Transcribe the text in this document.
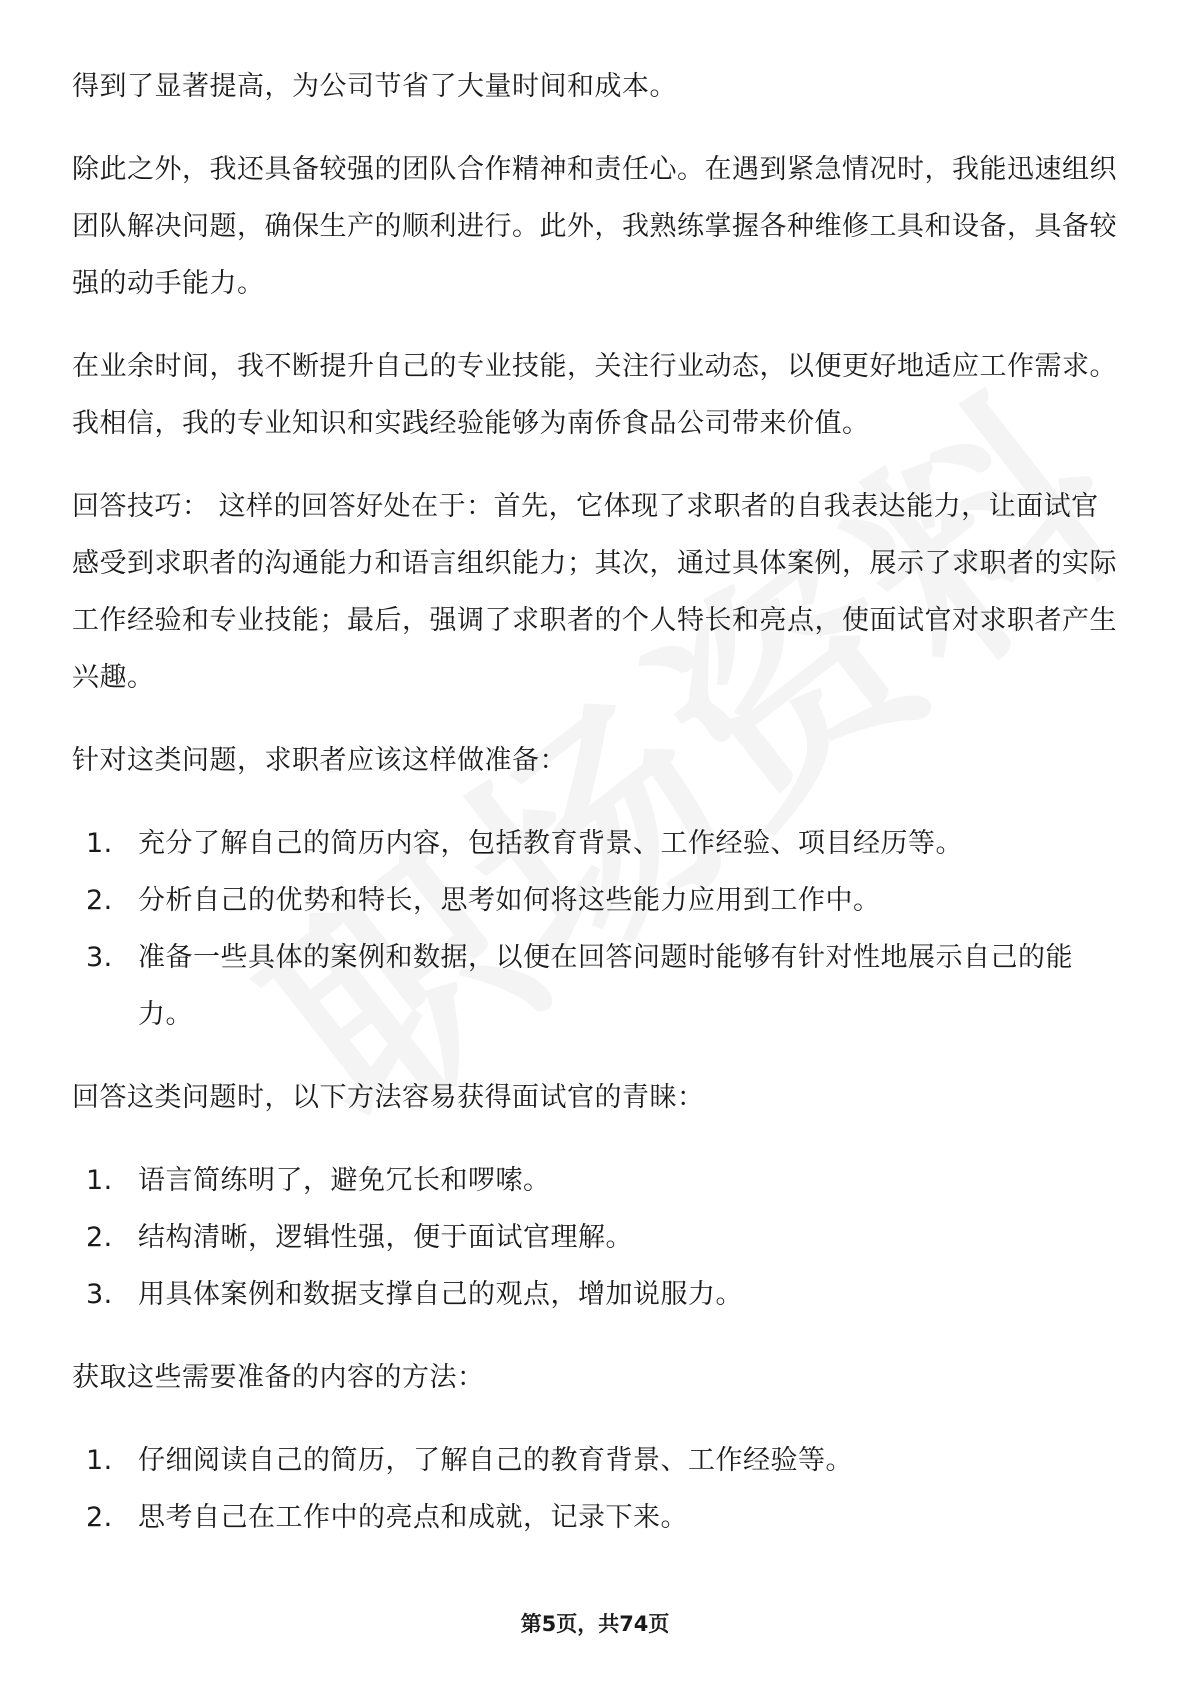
得到了显著提高，为公司节省了大量时间和成本。

除此之外，我还具备较强的团队合作精神和责任心。在遇到紧急情况时，我能迅速组织团队解决问题，确保生产的顺利进行。此外，我熟练掌握各种维修工具和设备，具备较强的动手能力。

在业余时间，我不断提升自己的专业技能，关注行业动态，以便更好地适应工作需求。我相信，我的专业知识和实践经验能够为南侨食品公司带来价值。

回答技巧： 这样的回答好处在于：首先，它体现了求职者的自我表达能力，让面试官感受到求职者的沟通能力和语言组织能力；其次，通过具体案例，展示了求职者的实际工作经验和专业技能；最后，强调了求职者的个人特长和亮点，使面试官对求职者产生兴趣。

针对这类问题，求职者应该这样做准备：

1. 充分了解自己的简历内容，包括教育背景、工作经验、项目经历等。
2. 分析自己的优势和特长，思考如何将这些能力应用到工作中。
3. 准备一些具体的案例和数据，以便在回答问题时能够有针对性地展示自己的能力。

回答这类问题时，以下方法容易获得面试官的青睐：

1. 语言简练明了，避免冗长和啰嗦。
2. 结构清晰，逻辑性强，便于面试官理解。
3. 用具体案例和数据支撑自己的观点，增加说服力。

获取这些需要准备的内容的方法：

1. 仔细阅读自己的简历，了解自己的教育背景、工作经验等。
2. 思考自己在工作中的亮点和成就，记录下来。
第5页，共74页
